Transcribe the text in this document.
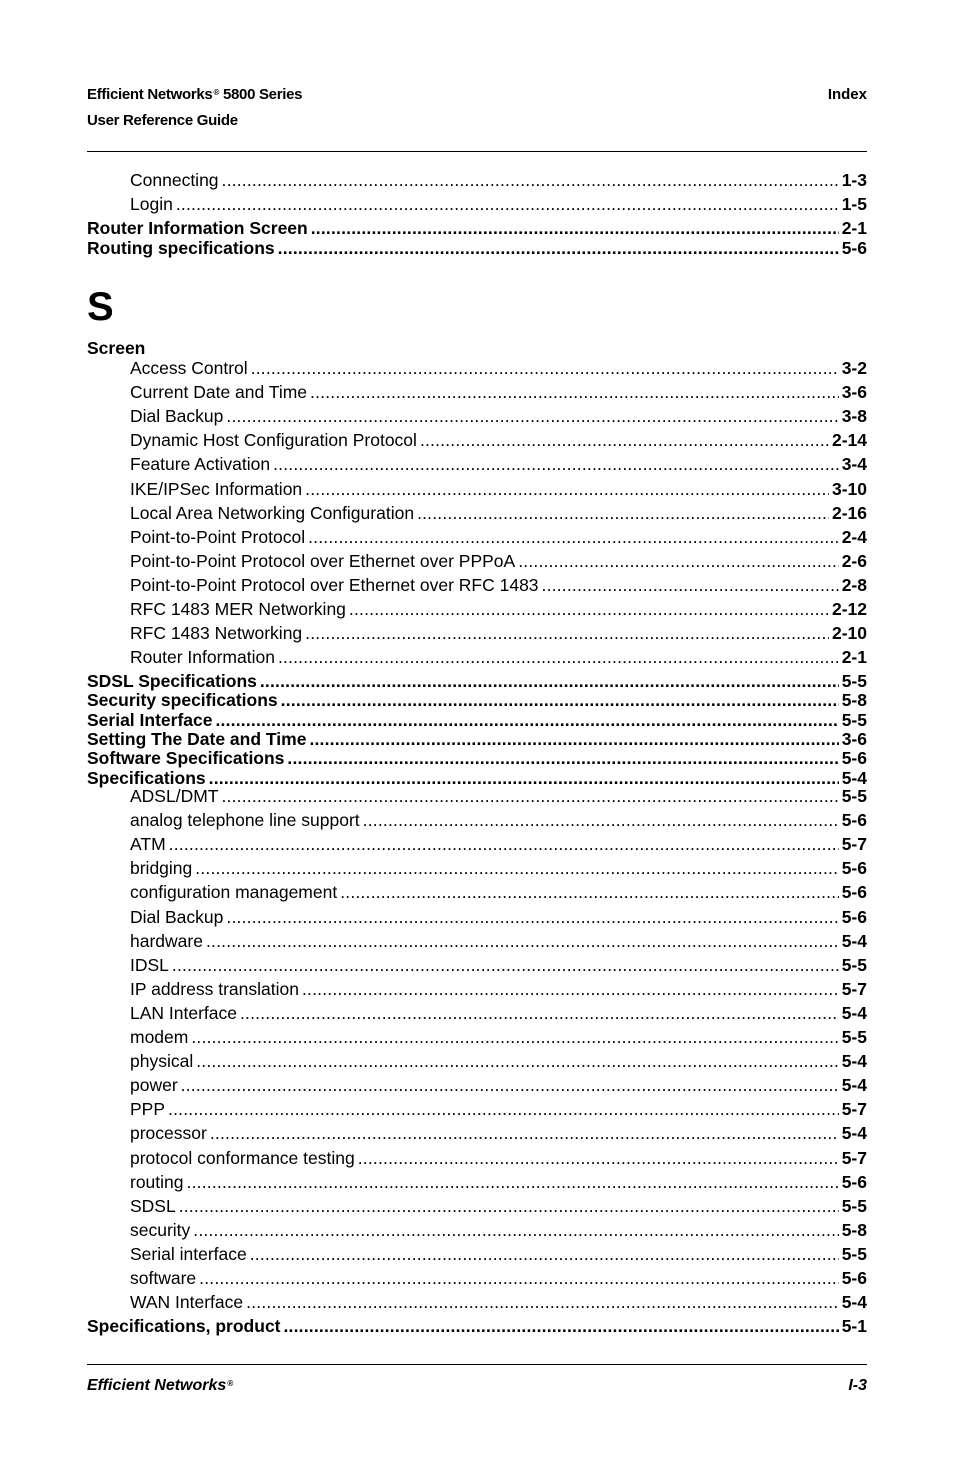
Efficient Networks® 5800 Series
User Reference Guide
Index
Connecting .....	1-3
Login .....	1-5
Router Information Screen .....	2-1
Routing specifications .....	5-6
S
Screen
Access Control .....	3-2
Current Date and Time .....	3-6
Dial Backup .....	3-8
Dynamic Host Configuration Protocol .....	2-14
Feature Activation .....	3-4
IKE/IPSec Information .....	3-10
Local Area Networking Configuration .....	2-16
Point-to-Point Protocol .....	2-4
Point-to-Point Protocol over Ethernet over PPPoA .....	2-6
Point-to-Point Protocol over Ethernet over RFC 1483 .....	2-8
RFC 1483 MER Networking .....	2-12
RFC 1483 Networking .....	2-10
Router Information .....	2-1
SDSL Specifications .....	5-5
Security specifications .....	5-8
Serial Interface .....	5-5
Setting The Date and Time .....	3-6
Software Specifications .....	5-6
Specifications .....	5-4
ADSL/DMT .....	5-5
analog telephone line support .....	5-6
ATM .....	5-7
bridging .....	5-6
configuration management .....	5-6
Dial Backup .....	5-6
hardware .....	5-4
IDSL .....	5-5
IP address translation .....	5-7
LAN Interface .....	5-4
modem .....	5-5
physical .....	5-4
power .....	5-4
PPP .....	5-7
processor .....	5-4
protocol conformance testing .....	5-7
routing .....	5-6
SDSL .....	5-5
security .....	5-8
Serial interface .....	5-5
software .....	5-6
WAN Interface .....	5-4
Specifications, product .....	5-1
Efficient Networks®	I-3
